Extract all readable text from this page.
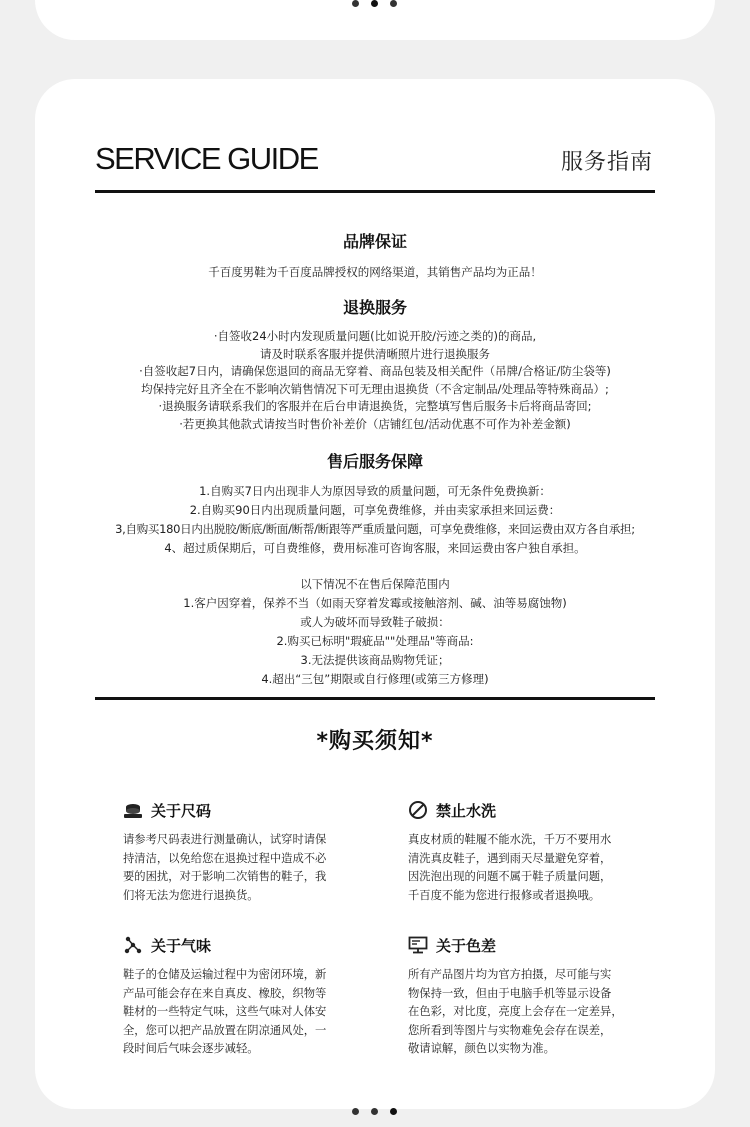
SERVICE GUIDE	服务指南
品牌保证
千百度男鞋为千百度品牌授权的网络渠道，其销售产品均为正品！
退换服务
·自签收24小时内发现质量问题(比如说开胶/污迹之类的)的商品,
请及时联系客服并提供清晰照片进行退换服务
·自签收起7日内，请确保您退回的商品无穿着、商品包装及相关配件（吊牌/合格证/防尘袋等)
均保持完好且齐全在不影响次销售情况下可无理由退换货（不含定制品/处理品等特殊商品）;
·退换服务请联系我们的客服并在后台申请退换货，完整填写售后服务卡后将商品寄回;
·若更换其他款式请按当时售价补差价（店铺红包/活动优惠不可作为补差金额)
售后服务保障
1.自购买7日内出现非人为原因导致的质量问题，可无条件免费换新：
2.自购买90日内出现质量问题，可享免费维修，并由卖家承担来回运费：
3,自购买180日内出脱胶/断底/断面/断帮/断跟等严重质量问题，可享免费维修，来回运费由双方各自承担;
4、超过质保期后，可自费维修，费用标准可咨询客服，来回运费由客户独自承担。
以下情况不在售后保障范围内
1.客户因穿着，保养不当（如雨天穿着发霉或接触溶剂、碱、油等易腐蚀物)
或人为破坏而导致鞋子破损：
2.购买已标明"瑕疵品""处理品"等商品:
3.无法提供该商品购物凭证；
4.超出“三包”期限或自行修理(或第三方修理)
*购买须知*
关于尺码
请参考尺码表进行测量确认，试穿时请保
持清洁，以免给您在退换过程中造成不必
要的困扰，对于影响二次销售的鞋子，我
们将无法为您进行退换货。
禁止水洗
真皮材质的鞋履不能水洗，千万不要用水
清洗真皮鞋子，遇到雨天尽量避免穿着，
因洗泡出现的问题不属于鞋子质量问题，
千百度不能为您进行报修或者退换哦。
关于气味
鞋子的仓储及运输过程中为密闭环境，新
产品可能会存在来自真皮、橡胶，织物等
鞋材的一些特定气味，这些气味对人体安
全，您可以把产品放置在阴凉通风处，一
段时间后气味会逐步减轻。
关于色差
所有产品图片均为官方拍摄，尽可能与实
物保持一致，但由于电脑手机等显示设备
在色彩，对比度，亮度上会存在一定差异，
您所看到等图片与实物难免会存在误差，
敬请谅解，颜色以实物为准。
